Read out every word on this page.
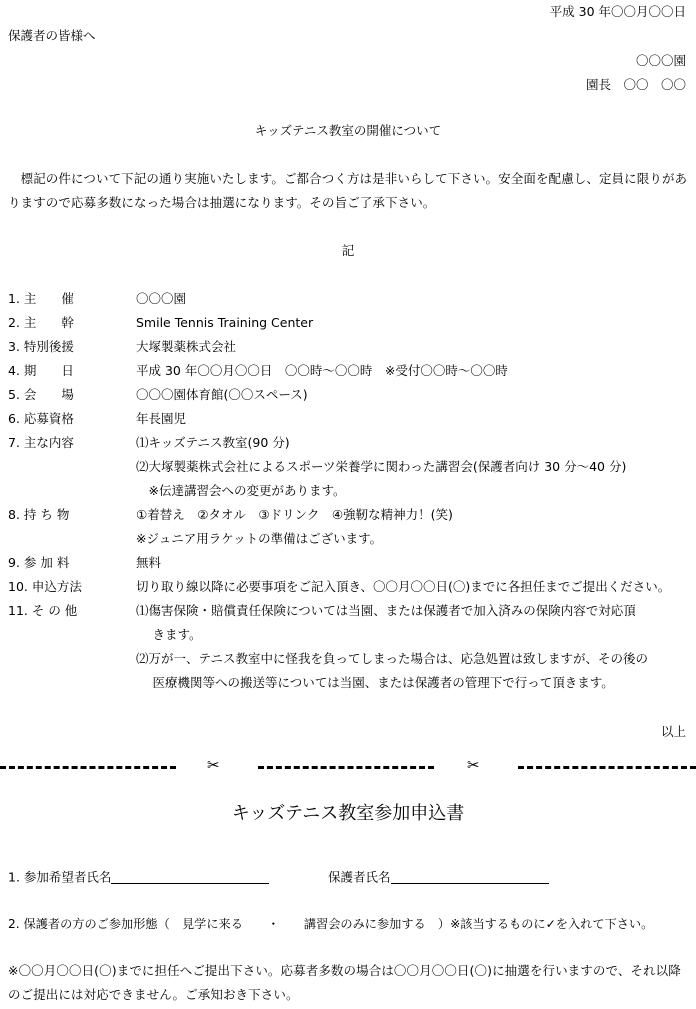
平成 30 年〇〇月〇〇日
保護者の皆様へ
〇〇〇園
園長　〇〇　〇〇
キッズテニス教室の開催について
　標記の件について下記の通り実施いたします。ご都合つく方は是非いらして下さい。安全面を配慮し、定員に限りがありますので応募多数になった場合は抽選になります。その旨ご了承下さい。
記
1. 主　　催	〇〇〇園
2. 主　　幹	Smile Tennis Training Center
3. 特別後援	大塚製薬株式会社
4. 期　　日	平成 30 年〇〇月〇〇日　〇〇時～〇〇時　※受付〇〇時～〇〇時
5. 会　　場	〇〇〇園体育館(〇〇スペース)
6. 応募資格	年長園児
7. 主な内容	⑴キッズテニス教室(90 分)
⑵大塚製薬株式会社によるスポーツ栄養学に関わった講習会(保護者向け 30 分～40 分)
　※伝達講習会への変更があります。
8. 持 ち 物	①着替え　②タオル　③ドリンク　④強靭な精神力！(笑)
※ジュニア用ラケットの準備はございます。
9. 参 加 料	無料
10. 申込方法	切り取り線以降に必要事項をご記入頂き、〇〇月〇〇日(〇)までに各担任までご提出ください。
11. そ の 他	⑴傷害保険・賠償責任保険については当園、または保護者で加入済みの保険内容で対応頂
　 きます。
⑵万が一、テニス教室中に怪我を負ってしまった場合は、応急処置は致しますが、その後の
　 医療機関等への搬送等については当園、または保護者の管理下で行って頂きます。
以上
✂	✂
キッズテニス教室参加申込書
1. 参加希望者氏名	保護者氏名
2. 保護者の方のご参加形態（　見学に来る　　・　　講習会のみに参加する　）※該当するものに✓を入れて下さい。
※〇〇月〇〇日(〇)までに担任へご提出下さい。応募者多数の場合は〇〇月〇〇日(〇)に抽選を行いますので、それ以降のご提出には対応できません。ご承知おき下さい。
